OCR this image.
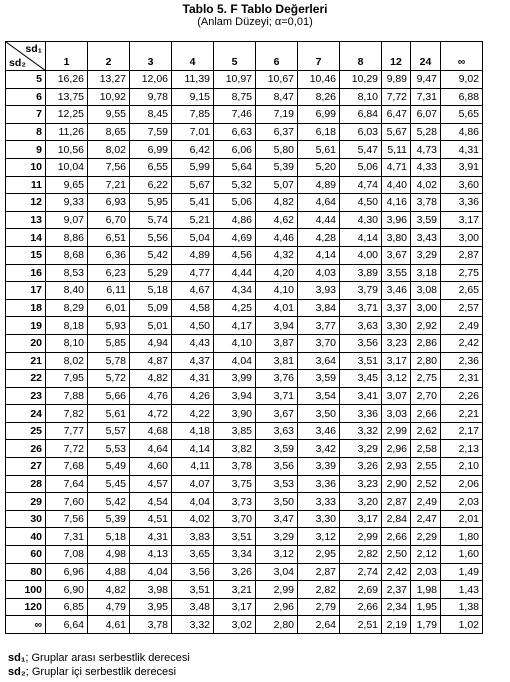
Tablo 5. F Tablo Değerleri
(Anlam Düzeyi; α=0,01)
sd₁
sd₂	1	2	3	4	5	6	7	8	12	24	∞
5	16,26	13,27	12,06	11,39	10,97	10,67	10,46	10,29	9,89	9,47	9,02
6	13,75	10,92	9,78	9,15	8,75	8,47	8,26	8,10	7,72	7,31	6,88
7	12,25	9,55	8,45	7,85	7,46	7,19	6,99	6,84	6,47	6,07	5,65
8	11,26	8,65	7,59	7,01	6,63	6,37	6,18	6,03	5,67	5,28	4,86
9	10,56	8,02	6,99	6,42	6,06	5,80	5,61	5,47	5,11	4,73	4,31
10	10,04	7,56	6,55	5,99	5,64	5,39	5,20	5,06	4,71	4,33	3,91
11	9,65	7,21	6,22	5,67	5,32	5,07	4,89	4,74	4,40	4,02	3,60
12	9,33	6,93	5,95	5,41	5,06	4,82	4,64	4,50	4,16	3,78	3,36
13	9,07	6,70	5,74	5,21	4,86	4,62	4,44	4,30	3,96	3,59	3,17
14	8,86	6,51	5,56	5,04	4,69	4,46	4,28	4,14	3,80	3,43	3,00
15	8,68	6,36	5,42	4,89	4,56	4,32	4,14	4,00	3,67	3,29	2,87
16	8,53	6,23	5,29	4,77	4,44	4,20	4,03	3,89	3,55	3,18	2,75
17	8,40	6,11	5,18	4,67	4,34	4,10	3,93	3,79	3,46	3,08	2,65
18	8,29	6,01	5,09	4,58	4,25	4,01	3,84	3,71	3,37	3,00	2,57
19	8,18	5,93	5,01	4,50	4,17	3,94	3,77	3,63	3,30	2,92	2,49
20	8,10	5,85	4,94	4,43	4,10	3,87	3,70	3,56	3,23	2,86	2,42
21	8,02	5,78	4,87	4,37	4,04	3,81	3,64	3,51	3,17	2,80	2,36
22	7,95	5,72	4,82	4,31	3,99	3,76	3,59	3,45	3,12	2,75	2,31
23	7,88	5,66	4,76	4,26	3,94	3,71	3,54	3,41	3,07	2,70	2,26
24	7,82	5,61	4,72	4,22	3,90	3,67	3,50	3,36	3,03	2,66	2,21
25	7,77	5,57	4,68	4,18	3,85	3,63	3,46	3,32	2,99	2,62	2,17
26	7,72	5,53	4,64	4,14	3,82	3,59	3,42	3,29	2,96	2,58	2,13
27	7,68	5,49	4,60	4,11	3,78	3,56	3,39	3,26	2,93	2,55	2,10
28	7,64	5,45	4,57	4,07	3,75	3,53	3,36	3,23	2,90	2,52	2,06
29	7,60	5,42	4,54	4,04	3,73	3,50	3,33	3,20	2,87	2,49	2,03
30	7,56	5,39	4,51	4,02	3,70	3,47	3,30	3,17	2,84	2,47	2,01
40	7,31	5,18	4,31	3,83	3,51	3,29	3,12	2,99	2,66	2,29	1,80
60	7,08	4,98	4,13	3,65	3,34	3,12	2,95	2,82	2,50	2,12	1,60
80	6,96	4,88	4,04	3,56	3,26	3,04	2,87	2,74	2,42	2,03	1,49
100	6,90	4,82	3,98	3,51	3,21	2,99	2,82	2,69	2,37	1,98	1,43
120	6,85	4,79	3,95	3,48	3,17	2,96	2,79	2,66	2,34	1,95	1,38
∞	6,64	4,61	3,78	3,32	3,02	2,80	2,64	2,51	2,19	1,79	1,02
sd₁; Gruplar arası serbestlik derecesi
sd₂; Gruplar içi serbestlik derecesi
